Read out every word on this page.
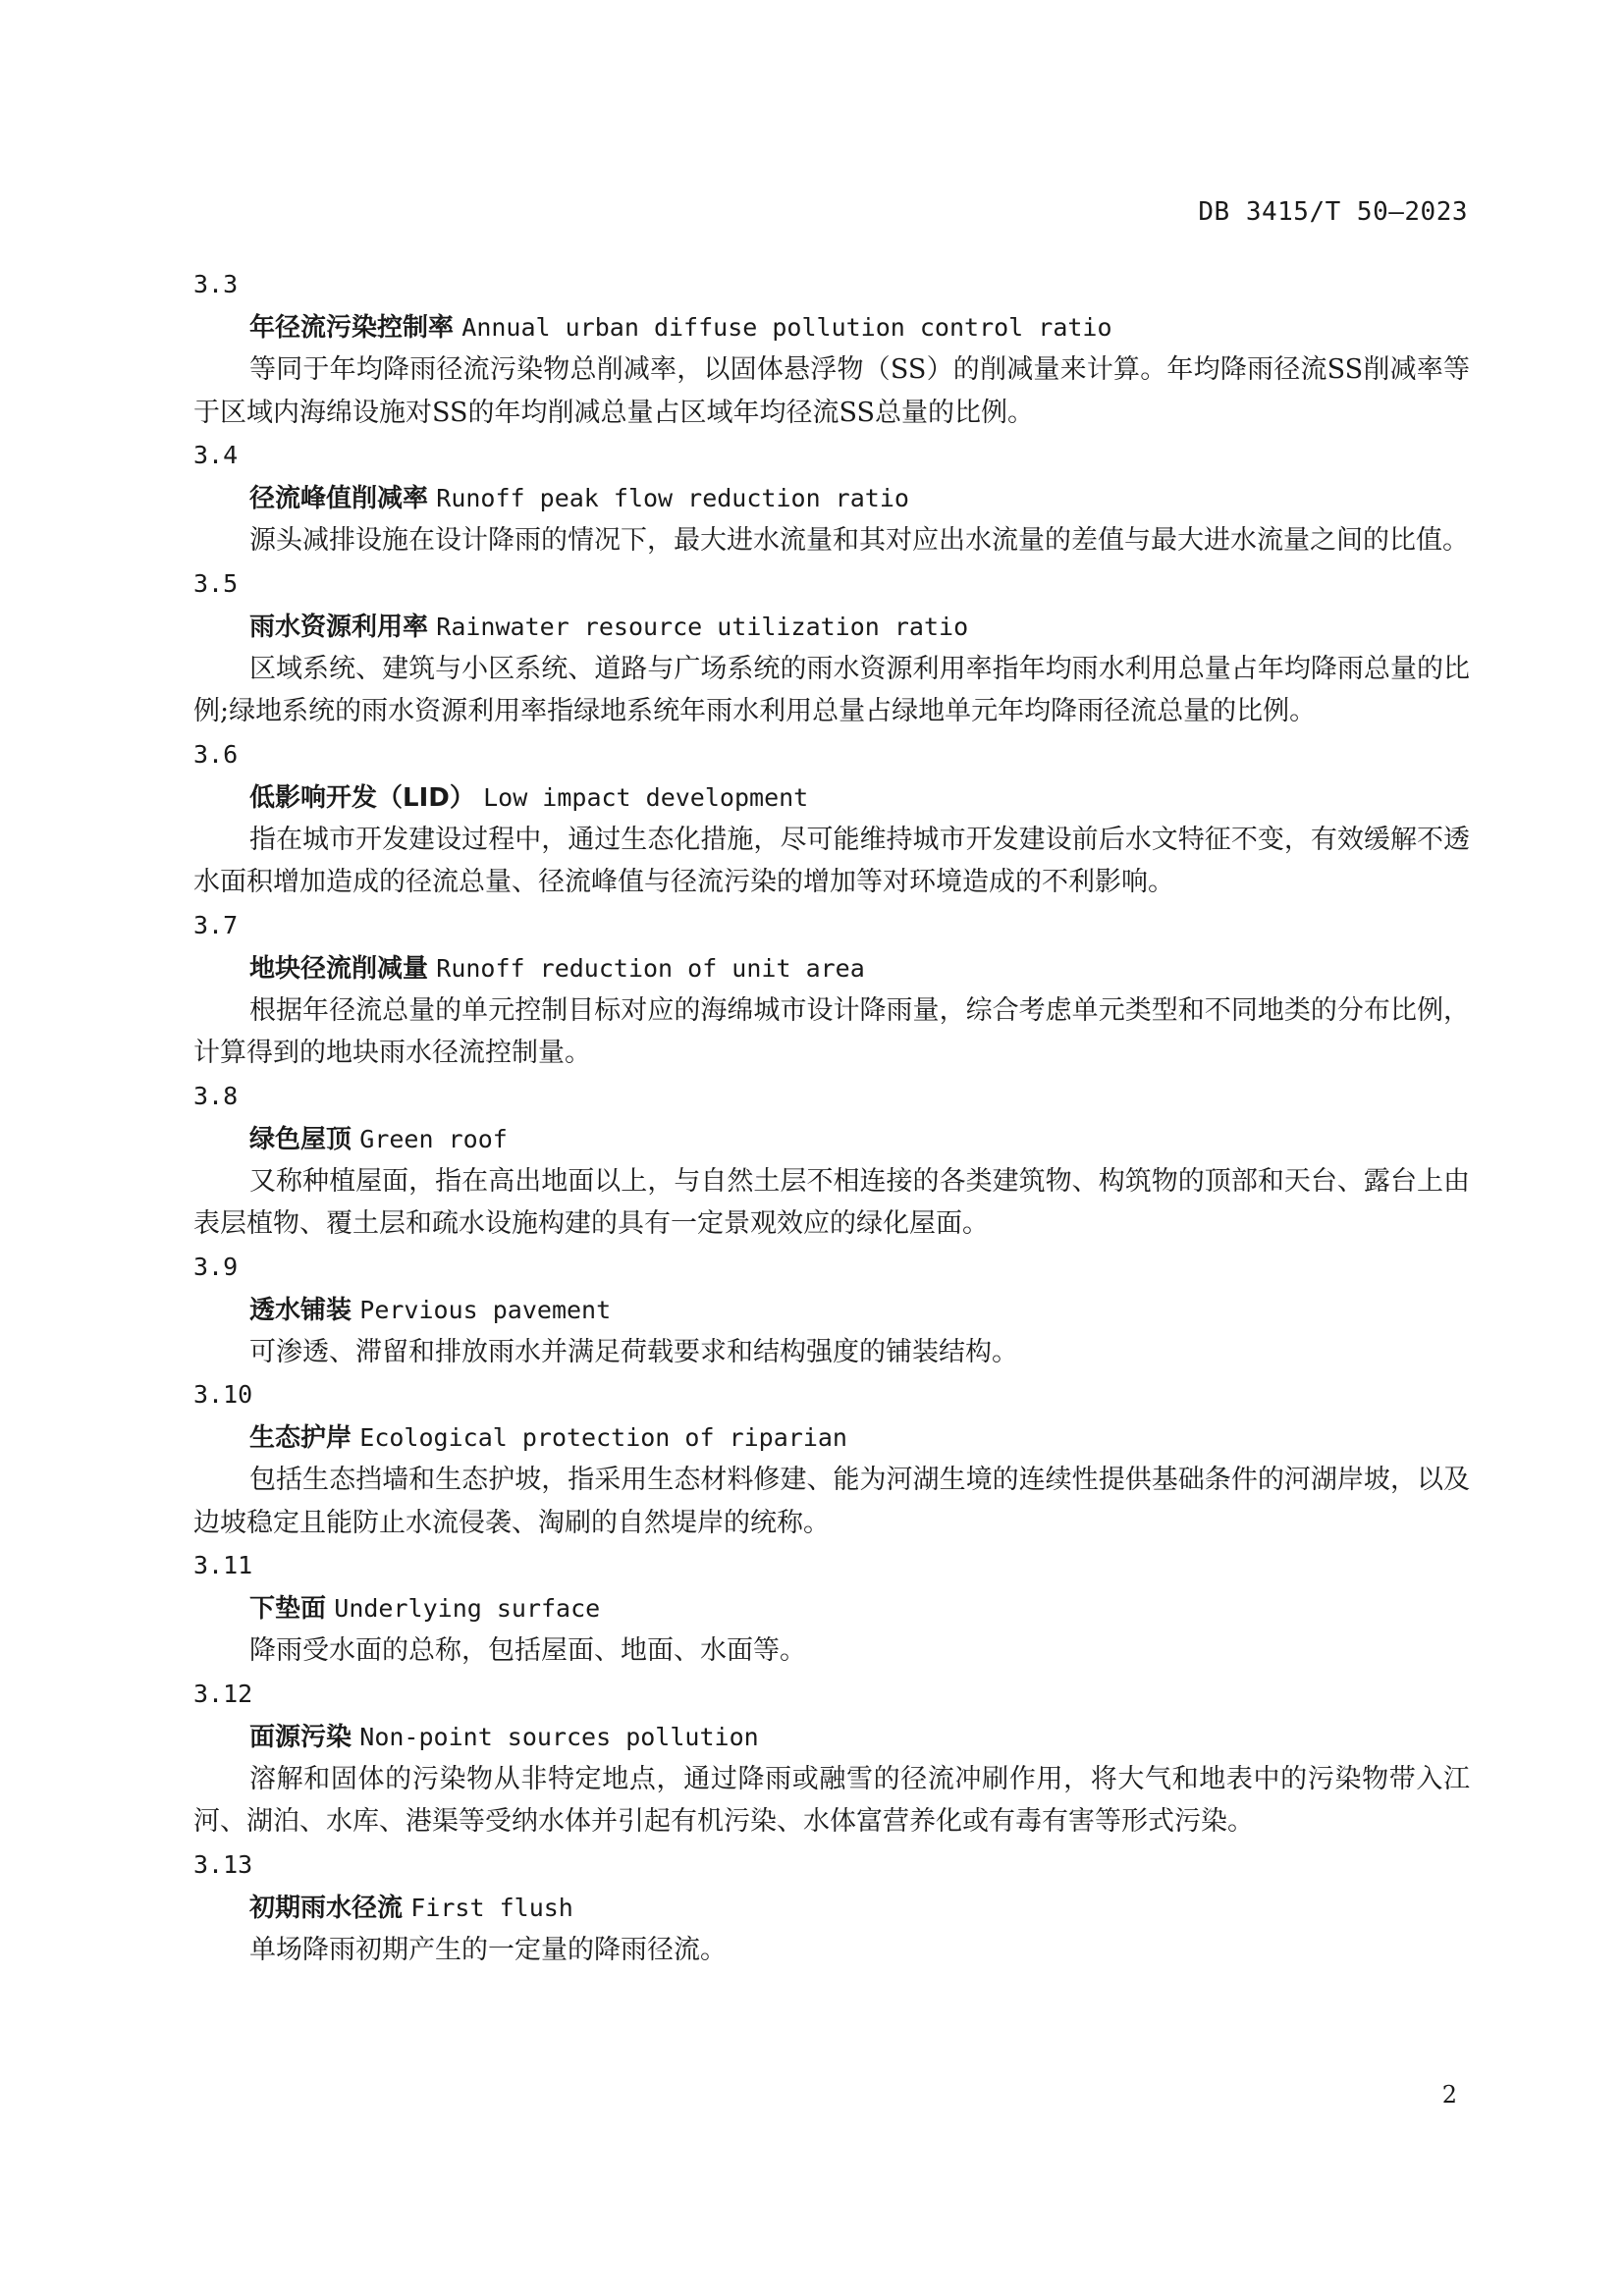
DB 3415/T 50—2023
3.3
年径流污染控制率 Annual urban diffuse pollution control ratio

等同于年均降雨径流污染物总削减率，以固体悬浮物（SS）的削减量来计算。年均降雨径流SS削减率等于区域内海绵设施对SS的年均削减总量占区域年均径流SS总量的比例。

3.4
径流峰值削减率 Runoff peak flow reduction ratio

源头减排设施在设计降雨的情况下，最大进水流量和其对应出水流量的差值与最大进水流量之间的比值。

3.5
雨水资源利用率 Rainwater resource utilization ratio

区域系统、建筑与小区系统、道路与广场系统的雨水资源利用率指年均雨水利用总量占年均降雨总量的比例;绿地系统的雨水资源利用率指绿地系统年雨水利用总量占绿地单元年均降雨径流总量的比例。

3.6
低影响开发（LID） Low impact development

指在城市开发建设过程中，通过生态化措施，尽可能维持城市开发建设前后水文特征不变，有效缓解不透水面积增加造成的径流总量、径流峰值与径流污染的增加等对环境造成的不利影响。

3.7
地块径流削减量 Runoff reduction of unit area

根据年径流总量的单元控制目标对应的海绵城市设计降雨量，综合考虑单元类型和不同地类的分布比例，计算得到的地块雨水径流控制量。

3.8
绿色屋顶 Green roof

又称种植屋面，指在高出地面以上，与自然土层不相连接的各类建筑物、构筑物的顶部和天台、露台上由表层植物、覆土层和疏水设施构建的具有一定景观效应的绿化屋面。

3.9
透水铺装 Pervious pavement

可渗透、滞留和排放雨水并满足荷载要求和结构强度的铺装结构。

3.10
生态护岸 Ecological protection of riparian

包括生态挡墙和生态护坡，指采用生态材料修建、能为河湖生境的连续性提供基础条件的河湖岸坡，以及边坡稳定且能防止水流侵袭、淘刷的自然堤岸的统称。

3.11
下垫面 Underlying surface

降雨受水面的总称，包括屋面、地面、水面等。

3.12
面源污染 Non-point sources pollution

溶解和固体的污染物从非特定地点，通过降雨或融雪的径流冲刷作用，将大气和地表中的污染物带入江河、湖泊、水库、港渠等受纳水体并引起有机污染、水体富营养化或有毒有害等形式污染。

3.13
初期雨水径流 First flush

单场降雨初期产生的一定量的降雨径流。

2
